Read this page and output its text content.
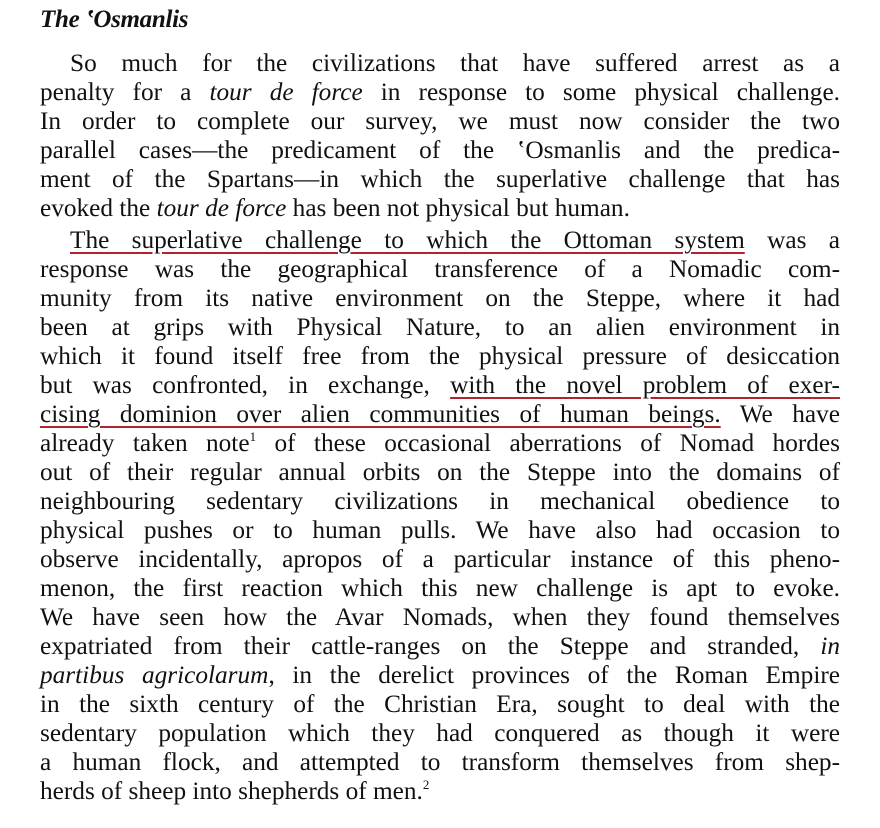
The ʽOsmanlis
So much for the civilizations that have suffered arrest as a
penalty for a tour de force in response to some physical challenge.
In order to complete our survey, we must now consider the two
parallel cases—the predicament of the ʽOsmanlis and the predica-
ment of the Spartans—in which the superlative challenge that has
evoked the tour de force has been not physical but human.
The superlative challenge to which the Ottoman system was a
response was the geographical transference of a Nomadic com-
munity from its native environment on the Steppe, where it had
been at grips with Physical Nature, to an alien environment in
which it found itself free from the physical pressure of desiccation
but was confronted, in exchange, with the novel problem of exer-
cising dominion over alien communities of human beings. We have
already taken note$^1$ of these occasional aberrations of Nomad hordes
out of their regular annual orbits on the Steppe into the domains of
neighbouring sedentary civilizations in mechanical obedience to
physical pushes or to human pulls. We have also had occasion to
observe incidentally, apropos of a particular instance of this pheno-
menon, the first reaction which this new challenge is apt to evoke.
We have seen how the Avar Nomads, when they found themselves
expatriated from their cattle-ranges on the Steppe and stranded, in
partibus agricolarum, in the derelict provinces of the Roman Empire
in the sixth century of the Christian Era, sought to deal with the
sedentary population which they had conquered as though it were
a human flock, and attempted to transform themselves from shep-
herds of sheep into shepherds of men.$^2$
